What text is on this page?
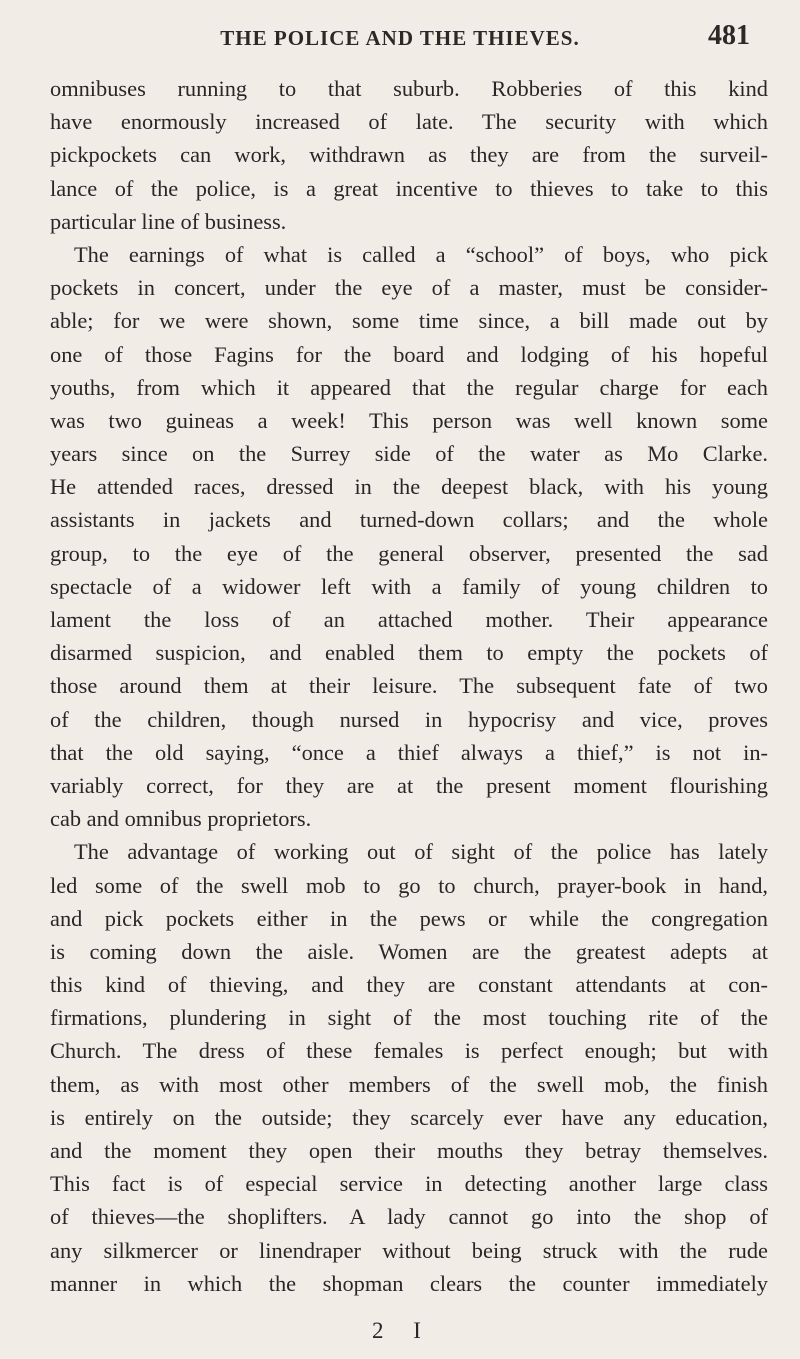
THE POLICE AND THE THIEVES.	481
omnibuses running to that suburb. Robberies of this kind
have enormously increased of late. The security with which
pickpockets can work, withdrawn as they are from the surveil-
lance of the police, is a great incentive to thieves to take to this
particular line of business.
The earnings of what is called a “school” of boys, who pick
pockets in concert, under the eye of a master, must be consider-
able; for we were shown, some time since, a bill made out by
one of those Fagins for the board and lodging of his hopeful
youths, from which it appeared that the regular charge for each
was two guineas a week! This person was well known some
years since on the Surrey side of the water as Mo Clarke.
He attended races, dressed in the deepest black, with his young
assistants in jackets and turned-down collars; and the whole
group, to the eye of the general observer, presented the sad
spectacle of a widower left with a family of young children to
lament the loss of an attached mother. Their appearance
disarmed suspicion, and enabled them to empty the pockets of
those around them at their leisure. The subsequent fate of two
of the children, though nursed in hypocrisy and vice, proves
that the old saying, “once a thief always a thief,” is not in-
variably correct, for they are at the present moment flourishing
cab and omnibus proprietors.
The advantage of working out of sight of the police has lately
led some of the swell mob to go to church, prayer-book in hand,
and pick pockets either in the pews or while the congregation
is coming down the aisle. Women are the greatest adepts at
this kind of thieving, and they are constant attendants at con-
firmations, plundering in sight of the most touching rite of the
Church. The dress of these females is perfect enough; but with
them, as with most other members of the swell mob, the finish
is entirely on the outside; they scarcely ever have any education,
and the moment they open their mouths they betray themselves.
This fact is of especial service in detecting another large class
of thieves—the shoplifters. A lady cannot go into the shop of
any silkmercer or linendraper without being struck with the rude
manner in which the shopman clears the counter immediately
2 I
